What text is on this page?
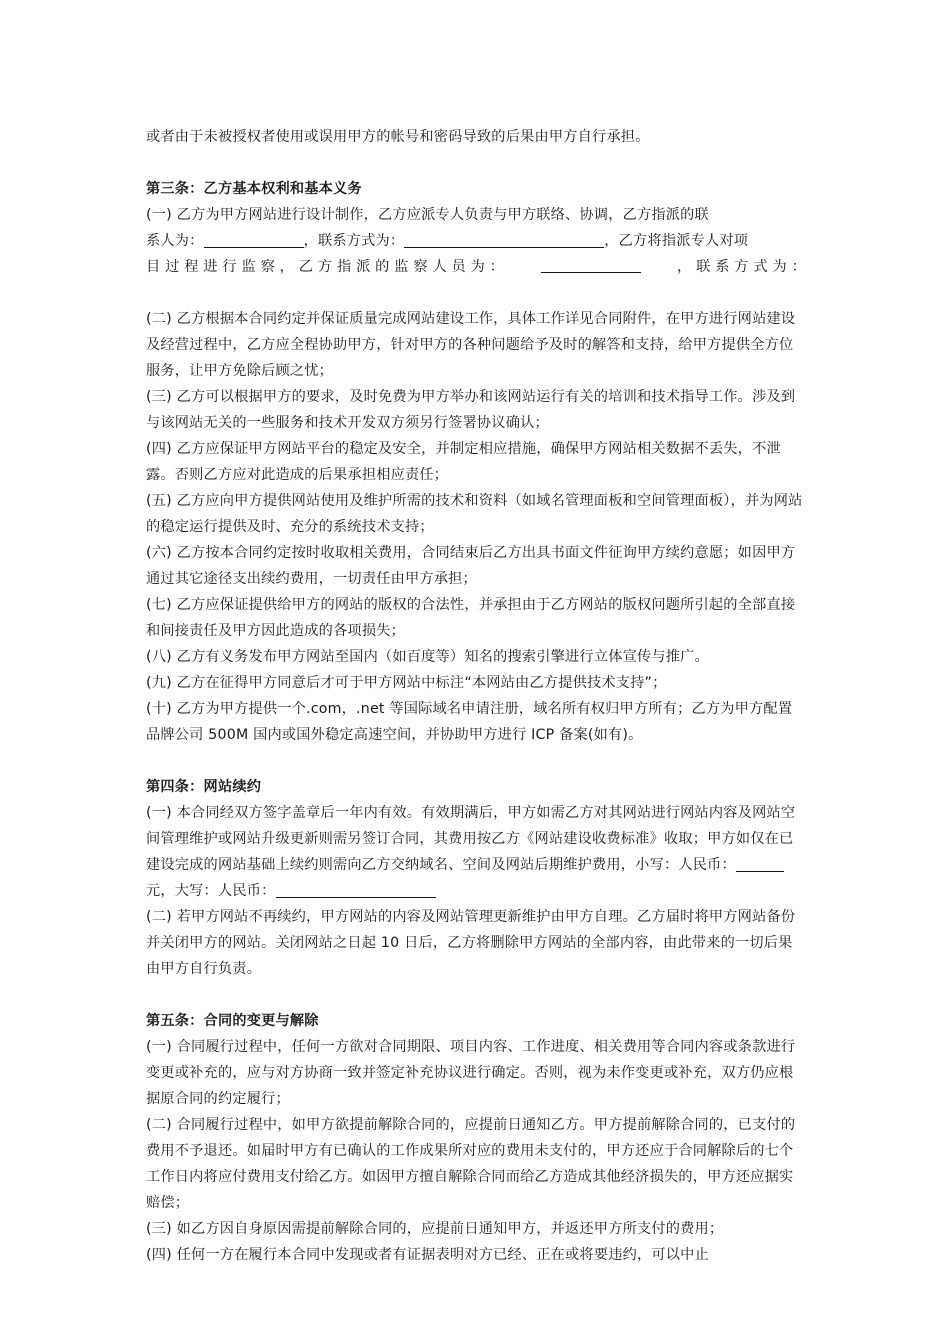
或者由于未被授权者使用或误用甲方的帐号和密码导致的后果由甲方自行承担。

第三条：乙方基本权利和基本义务

(一) 乙方为甲方网站进行设计制作，乙方应派专人负责与甲方联络、协调，乙方指派的联

系人为：	，联系方式为：	，乙方将指派专人对项

目 过 程 进 行 监 察 ， 乙 方 指 派 的 监 察 人 员 为 ：	， 联 系 方 式 为 ：

(二) 乙方根据本合同约定并保证质量完成网站建设工作，具体工作详见合同附件，在甲方进行网站建设及经营过程中，乙方应全程协助甲方，针对甲方的各种问题给予及时的解答和支持，给甲方提供全方位服务，让甲方免除后顾之忧；

(三) 乙方可以根据甲方的要求，及时免费为甲方举办和该网站运行有关的培训和技术指导工作。涉及到与该网站无关的一些服务和技术开发双方须另行签署协议确认；

(四) 乙方应保证甲方网站平台的稳定及安全，并制定相应措施，确保甲方网站相关数据不丢失，不泄露。否则乙方应对此造成的后果承担相应责任；

(五) 乙方应向甲方提供网站使用及维护所需的技术和资料（如域名管理面板和空间管理面板），并为网站的稳定运行提供及时、充分的系统技术支持；

(六) 乙方按本合同约定按时收取相关费用，合同结束后乙方出具书面文件征询甲方续约意愿；如因甲方通过其它途径支出续约费用，一切责任由甲方承担；

(七) 乙方应保证提供给甲方的网站的版权的合法性，并承担由于乙方网站的版权问题所引起的全部直接和间接责任及甲方因此造成的各项损失；

(八) 乙方有义务发布甲方网站至国内（如百度等）知名的搜索引擎进行立体宣传与推广。

(九) 乙方在征得甲方同意后才可于甲方网站中标注“本网站由乙方提供技术支持”；

(十) 乙方为甲方提供一个.com，.net 等国际域名申请注册，域名所有权归甲方所有；乙方为甲方配置品牌公司 500M 国内或国外稳定高速空间，并协助甲方进行 ICP 备案(如有)。

第四条：网站续约

(一) 本合同经双方签字盖章后一年内有效。有效期满后，甲方如需乙方对其网站进行网站内容及网站空间管理维护或网站升级更新则需另签订合同，其费用按乙方《网站建设收费标准》收取；甲方如仅在已建设完成的网站基础上续约则需向乙方交纳域名、空间及网站后期维护费用，小写：人民币：元，大写：人民币：

(二) 若甲方网站不再续约，甲方网站的内容及网站管理更新维护由甲方自理。乙方届时将甲方网站备份并关闭甲方的网站。关闭网站之日起 10 日后，乙方将删除甲方网站的全部内容，由此带来的一切后果由甲方自行负责。

第五条：合同的变更与解除

(一) 合同履行过程中，任何一方欲对合同期限、项目内容、工作进度、相关费用等合同内容或条款进行变更或补充的，应与对方协商一致并签定补充协议进行确定。否则，视为未作变更或补充，双方仍应根据原合同的约定履行；

(二) 合同履行过程中，如甲方欲提前解除合同的，应提前日通知乙方。甲方提前解除合同的，已支付的费用不予退还。如届时甲方有已确认的工作成果所对应的费用未支付的，甲方还应于合同解除后的七个工作日内将应付费用支付给乙方。如因甲方擅自解除合同而给乙方造成其他经济损失的，甲方还应据实赔偿；

(三) 如乙方因自身原因需提前解除合同的，应提前日通知甲方，并返还甲方所支付的费用；

(四) 任何一方在履行本合同中发现或者有证据表明对方已经、正在或将要违约，可以中止
